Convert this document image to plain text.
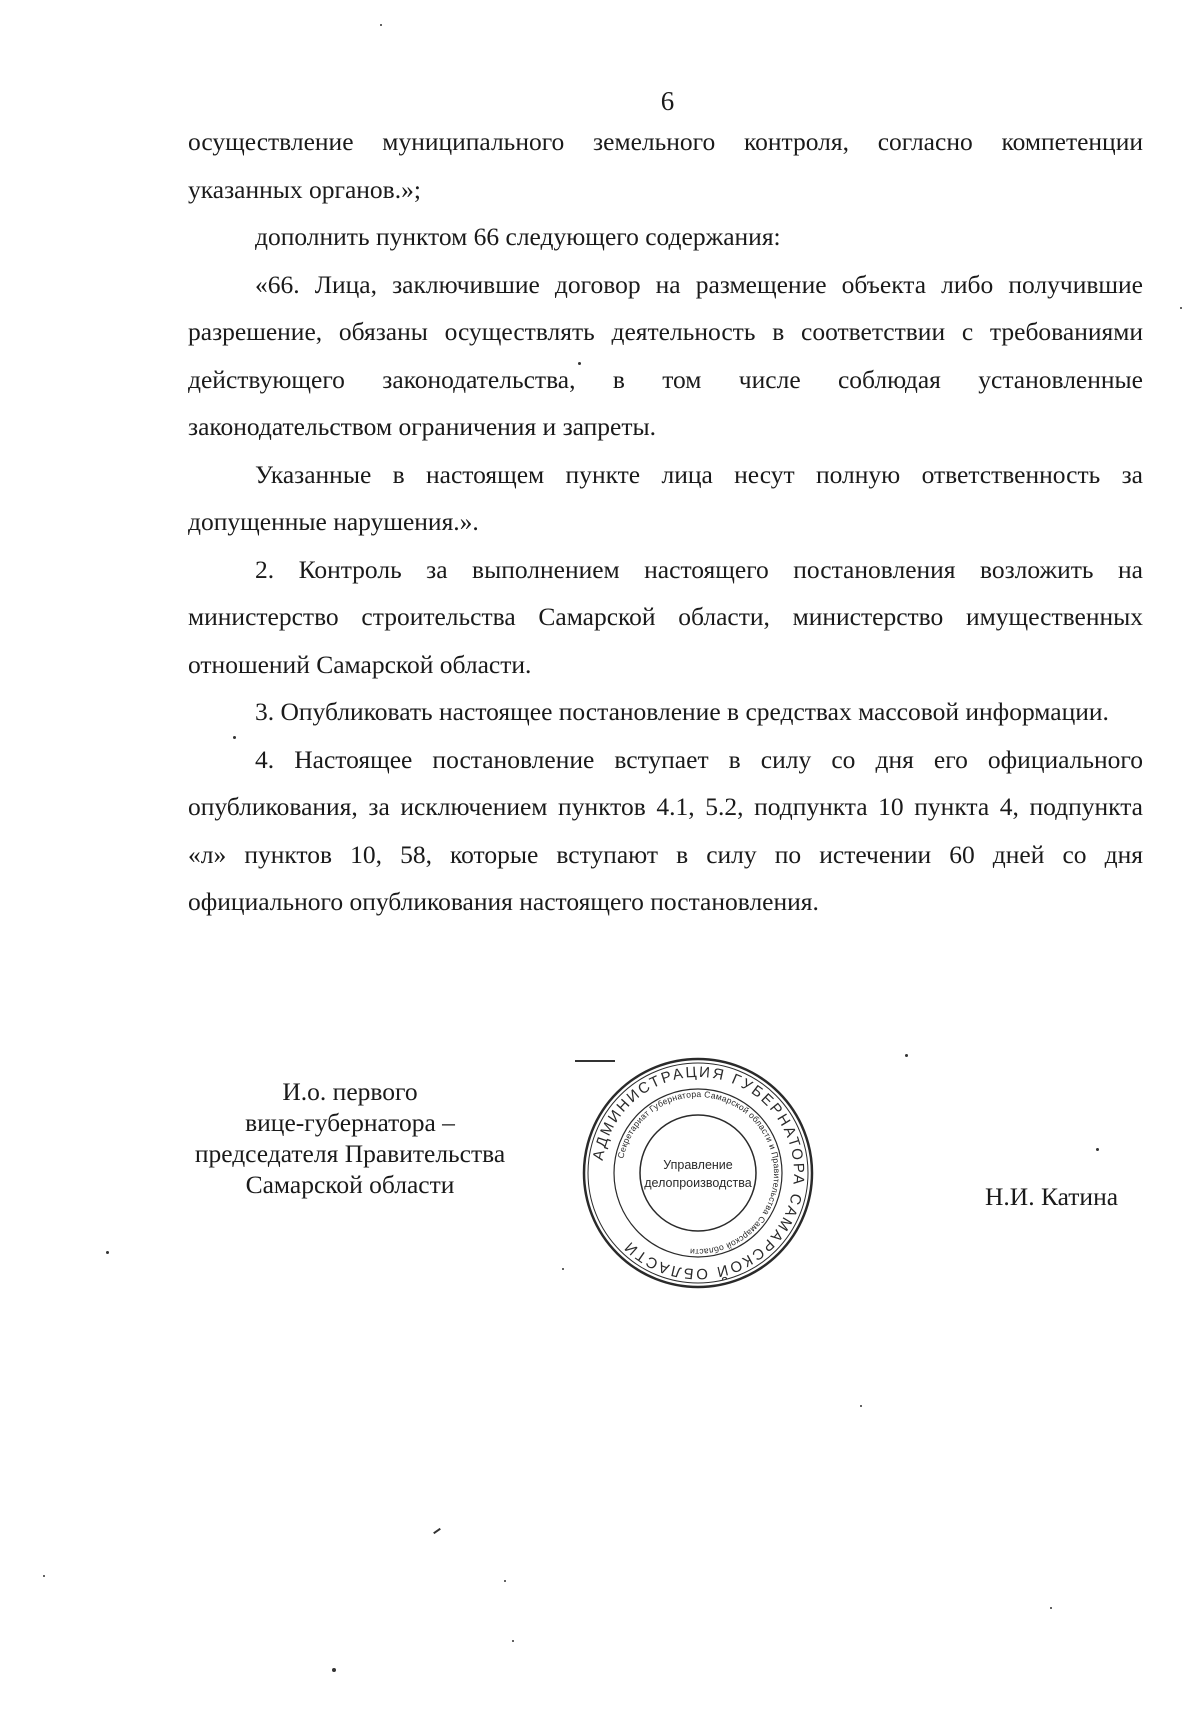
6

осуществление муниципального земельного контроля, согласно компетенции указанных органов.»;

дополнить пунктом 66 следующего содержания:

«66. Лица, заключившие договор на размещение объекта либо получившие разрешение, обязаны осуществлять деятельность в соответствии с требованиями действующего законодательства, в том числе соблюдая установленные законодательством ограничения и запреты.

Указанные в настоящем пункте лица несут полную ответственность за допущенные нарушения.».

2. Контроль за выполнением настоящего постановления возложить на министерство строительства Самарской области, министерство имущественных отношений Самарской области.

3. Опубликовать настоящее постановление в средствах массовой информации.

4. Настоящее постановление вступает в силу со дня его официального опубликования, за исключением пунктов 4.1, 5.2, подпункта 10 пункта 4, подпункта «л» пунктов 10, 58, которые вступают в силу по истечении 60 дней со дня официального опубликования настоящего постановления.

И.о. первого
вице-губернатора –
председателя Правительства
Самарской области
АДМИНИСТРАЦИЯ ГУБЕРНАТОРА САМАРСКОЙ ОБЛАСТИ
Секретариат Губернатора Самарской области и Правительства Самарской области
Управление
делопроизводства	Н.И. Катина
